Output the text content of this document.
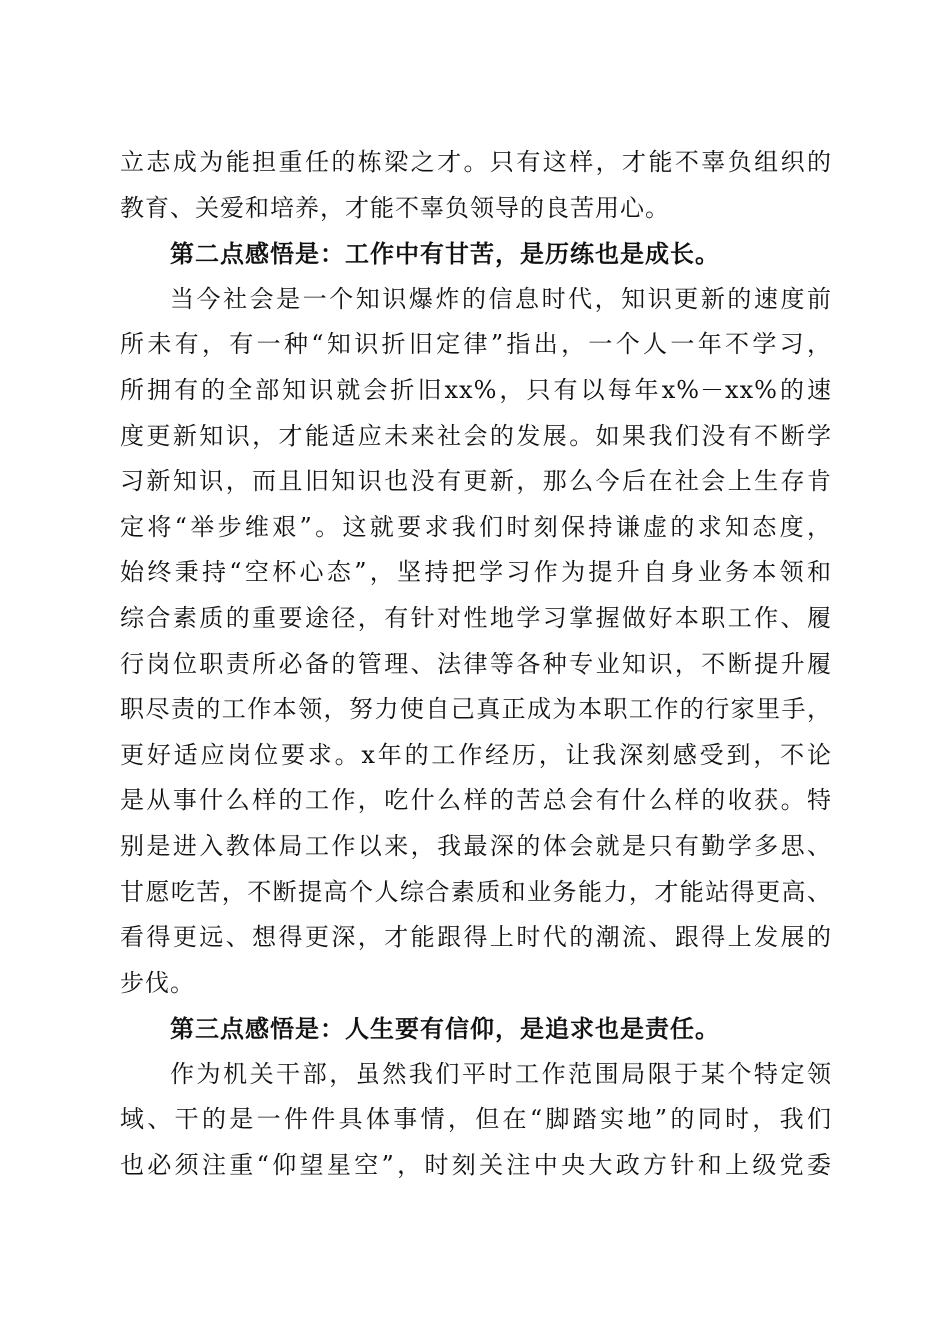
立志成为能担重任的栋梁之才。只有这样，才能不辜负组织的
教育、关爱和培养，才能不辜负领导的良苦用心。
第二点感悟是：工作中有甘苦，是历练也是成长。
当今社会是一个知识爆炸的信息时代，知识更新的速度前
所未有，有一种“知识折旧定律”指出，一个人一年不学习，
所拥有的全部知识就会折旧xx%，只有以每年x%－xx%的速
度更新知识，才能适应未来社会的发展。如果我们没有不断学
习新知识，而且旧知识也没有更新，那么今后在社会上生存肯
定将“举步维艰”。这就要求我们时刻保持谦虚的求知态度，
始终秉持“空杯心态”，坚持把学习作为提升自身业务本领和
综合素质的重要途径，有针对性地学习掌握做好本职工作、履
行岗位职责所必备的管理、法律等各种专业知识，不断提升履
职尽责的工作本领，努力使自己真正成为本职工作的行家里手，
更好适应岗位要求。x年的工作经历，让我深刻感受到，不论
是从事什么样的工作，吃什么样的苦总会有什么样的收获。特
别是进入教体局工作以来，我最深的体会就是只有勤学多思、
甘愿吃苦，不断提高个人综合素质和业务能力，才能站得更高、
看得更远、想得更深，才能跟得上时代的潮流、跟得上发展的
步伐。
第三点感悟是：人生要有信仰，是追求也是责任。
作为机关干部，虽然我们平时工作范围局限于某个特定领
域、干的是一件件具体事情，但在“脚踏实地”的同时，我们
也必须注重“仰望星空”，时刻关注中央大政方针和上级党委
